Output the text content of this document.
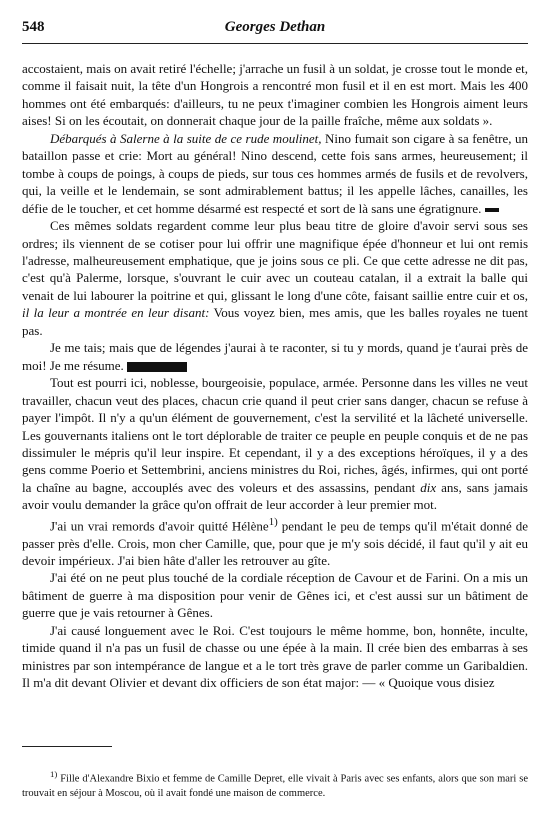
548	Georges Dethan

accostaient, mais on avait retiré l'échelle; j'arrache un fusil à un soldat, je crosse tout le monde et, comme il faisait nuit, la tête d'un Hongrois a rencontré mon fusil et il en est mort. Mais les 400 hommes ont été embarqués: d'ailleurs, tu ne peux t'imaginer combien les Hongrois aiment leurs aises! Si on les écoutait, on donnerait chaque jour de la paille fraîche, même aux soldats ».

Débarqués à Salerne à la suite de ce rude moulinet, Nino fumait son cigare à sa fenêtre, un bataillon passe et crie: Mort au général! Nino descend, cette fois sans armes, heureusement; il tombe à coups de poings, à coups de pieds, sur tous ces hommes armés de fusils et de revolvers, qui, la veille et le lendemain, se sont admirablement battus; il les appelle lâches, canailles, les défie de le toucher, et cet homme désarmé est respecté et sort de là sans une égratignure.

Ces mêmes soldats regardent comme leur plus beau titre de gloire d'avoir servi sous ses ordres; ils viennent de se cotiser pour lui offrir une magnifique épée d'honneur et lui ont remis l'adresse, malheureusement emphatique, que je joins sous ce pli. Ce que cette adresse ne dit pas, c'est qu'à Palerme, lorsque, s'ouvrant le cuir avec un couteau catalan, il a extrait la balle qui venait de lui labourer la poitrine et qui, glissant le long d'une côte, faisant saillie entre cuir et os, il la leur a montrée en leur disant: Vous voyez bien, mes amis, que les balles royales ne tuent pas.

Je me tais; mais que de légendes j'aurai à te raconter, si tu y mords, quand je t'aurai près de moi! Je me résume.

Tout est pourri ici, noblesse, bourgeoisie, populace, armée. Personne dans les villes ne veut travailler, chacun veut des places, chacun crie quand il peut crier sans danger, chacun se refuse à payer l'impôt. Il n'y a qu'un élément de gouvernement, c'est la servilité et la lâcheté universelle. Les gouvernants italiens ont le tort déplorable de traiter ce peuple en peuple conquis et de ne pas dissimuler le mépris qu'il leur inspire. Et cependant, il y a des exceptions héroïques, il y a des gens comme Poerio et Settembrini, anciens ministres du Roi, riches, âgés, infirmes, qui ont porté la chaîne au bagne, accouplés avec des voleurs et des assassins, pendant dix ans, sans jamais avoir voulu demander la grâce qu'on offrait de leur accorder à leur premier mot.

J'ai un vrai remords d'avoir quitté Hélène$^{1)}$ pendant le peu de temps qu'il m'était donné de passer près d'elle. Crois, mon cher Camille, que, pour que je m'y sois décidé, il faut qu'il y ait eu devoir impérieux. J'ai bien hâte d'aller les retrouver au gîte.

J'ai été on ne peut plus touché de la cordiale réception de Cavour et de Farini. On a mis un bâtiment de guerre à ma disposition pour venir de Gênes ici, et c'est aussi sur un bâtiment de guerre que je vais retourner à Gênes.

J'ai causé longuement avec le Roi. C'est toujours le même homme, bon, honnête, inculte, timide quand il n'a pas un fusil de chasse ou une épée à la main. Il crée bien des embarras à ses ministres par son intempérance de langue et a le tort très grave de parler comme un Garibaldien. Il m'a dit devant Olivier et devant dix officiers de son état major: — « Quoique vous disiez

$^{1)}$ Fille d'Alexandre Bixio et femme de Camille Depret, elle vivait à Paris avec ses enfants, alors que son mari se trouvait en séjour à Moscou, où il avait fondé une maison de commerce.
